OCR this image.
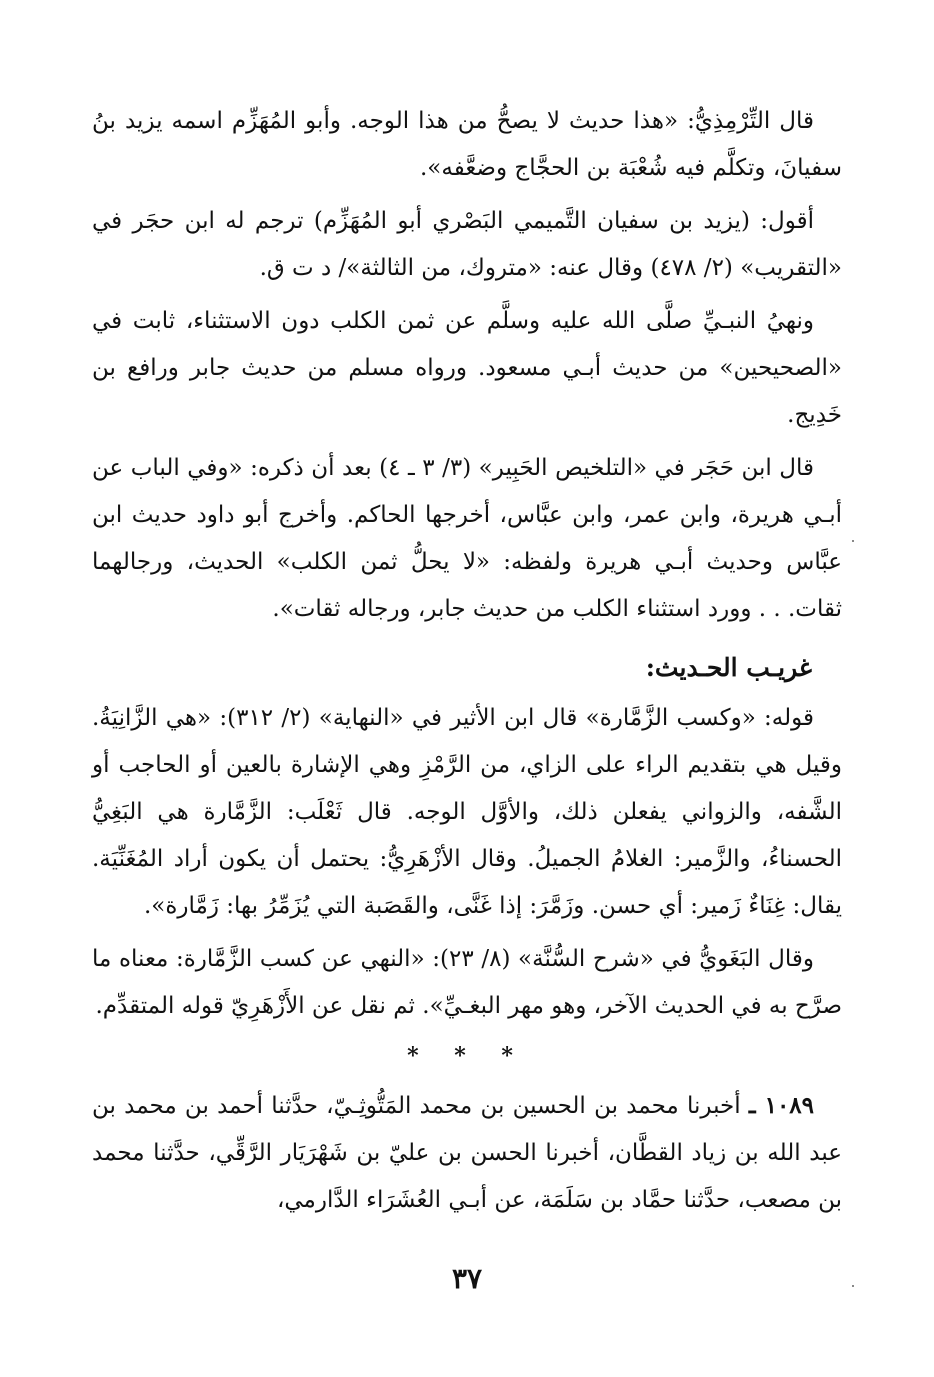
قال التِّرْمِذِيُّ: «هذا حديث لا يصحُّ من هذا الوجه. وأبو المُهَزِّم اسمه يزيد بنُ سفيانَ، وتكلَّم فيه شُعْبَة بن الحجَّاج وضعَّفه».

أقول: (يزيد بن سفيان التَّميمي البَصْري أبو المُهَزِّم) ترجم له ابن حجَر في «التقريب» (٢/ ٤٧٨) وقال عنه: «متروك، من الثالثة»/ د ت ق.

ونهيُ النبـيِّ صلَّى الله عليه وسلَّم عن ثمن الكلب دون الاستثناء، ثابت في «الصحيحين» من حديث أبـي مسعود. ورواه مسلم من حديث جابر ورافع بن خَدِيج.

قال ابن حَجَر في «التلخيص الحَبِير» (٣/ ٣ ـ ٤) بعد أن ذكره: «وفي الباب عن أبـي هريرة، وابن عمر، وابن عبَّاس، أخرجها الحاكم. وأخرج أبو داود حديث ابن عبَّاس وحديث أبـي هريرة ولفظه: «لا يحلُّ ثمن الكلب» الحديث، ورجالهما ثقات. . . وورد استثناء الكلب من حديث جابر، ورجاله ثقات».

غريـب الحـديث:

قوله: «وكسب الزَّمَّارة» قال ابن الأثير في «النهاية» (٢/ ٣١٢): «هي الزَّانِيَةُ. وقيل هي بتقديم الراء على الزاي، من الرَّمْزِ وهي الإشارة بالعين أو الحاجب أو الشَّفه، والزواني يفعلن ذلك، والأوَّل الوجه. قال ثَعْلَب: الزَّمَّارة هي البَغِيُّ الحسناءُ، والزَّمير: الغلامُ الجميلُ. وقال الأزْهَرِيُّ: يحتمل أن يكون أراد المُغَنِّيَة. يقال: غِنَاءٌ زَمير: أي حسن. وزَمَّرَ: إذا غَنَّى، والقَصَبة التي يُزَمِّرُ بها: زَمَّارة».

وقال البَغَويُّ في «شرح السُّنَّة» (٨/ ٢٣): «النهي عن كسب الزَّمَّارة: معناه ما صرَّح به في الحديث الآخر، وهو مهر البغـيِّ». ثم نقل عن الأَزْهَرِيّ قوله المتقدِّم.

* * *

١٠٨٩ ـ أخبرنا محمد بن الحسين بن محمد المَتُّوثِـيّ، حدَّثنا أحمد بن محمد بن عبد الله بن زياد القطَّان، أخبرنا الحسن بن عليّ بن شَهْرَيَار الرَّقِّي، حدَّثنا محمد بن مصعب، حدَّثنا حمَّاد بن سَلَمَة، عن أبـي العُشَرَاء الدَّارمي،

٣٧
